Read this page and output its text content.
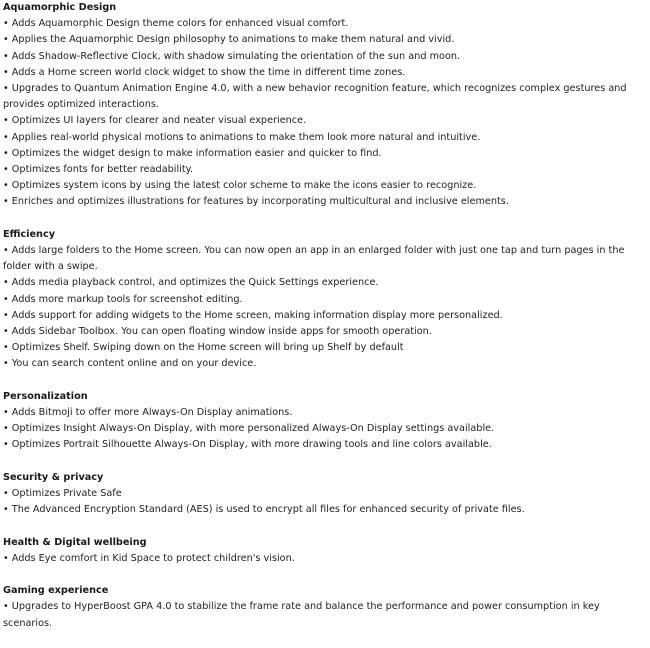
Aquamorphic Design
• Adds Aquamorphic Design theme colors for enhanced visual comfort.
• Applies the Aquamorphic Design philosophy to animations to make them natural and vivid.
• Adds Shadow-Reflective Clock, with shadow simulating the orientation of the sun and moon.
• Adds a Home screen world clock widget to show the time in different time zones.
• Upgrades to Quantum Animation Engine 4.0, with a new behavior recognition feature, which recognizes complex gestures and provides optimized interactions.
• Optimizes UI layers for clearer and neater visual experience.
• Applies real-world physical motions to animations to make them look more natural and intuitive.
• Optimizes the widget design to make information easier and quicker to find.
• Optimizes fonts for better readability.
• Optimizes system icons by using the latest color scheme to make the icons easier to recognize.
• Enriches and optimizes illustrations for features by incorporating multicultural and inclusive elements.
Efficiency
• Adds large folders to the Home screen. You can now open an app in an enlarged folder with just one tap and turn pages in the folder with a swipe.
• Adds media playback control, and optimizes the Quick Settings experience.
• Adds more markup tools for screenshot editing.
• Adds support for adding widgets to the Home screen, making information display more personalized.
• Adds Sidebar Toolbox. You can open floating window inside apps for smooth operation.
• Optimizes Shelf. Swiping down on the Home screen will bring up Shelf by default
• You can search content online and on your device.
Personalization
• Adds Bitmoji to offer more Always-On Display animations.
• Optimizes Insight Always-On Display, with more personalized Always-On Display settings available.
• Optimizes Portrait Silhouette Always-On Display, with more drawing tools and line colors available.
Security & privacy
• Optimizes Private Safe
• The Advanced Encryption Standard (AES) is used to encrypt all files for enhanced security of private files.
Health & Digital wellbeing
• Adds Eye comfort in Kid Space to protect children's vision.
Gaming experience
• Upgrades to HyperBoost GPA 4.0 to stabilize the frame rate and balance the performance and power consumption in key scenarios.
